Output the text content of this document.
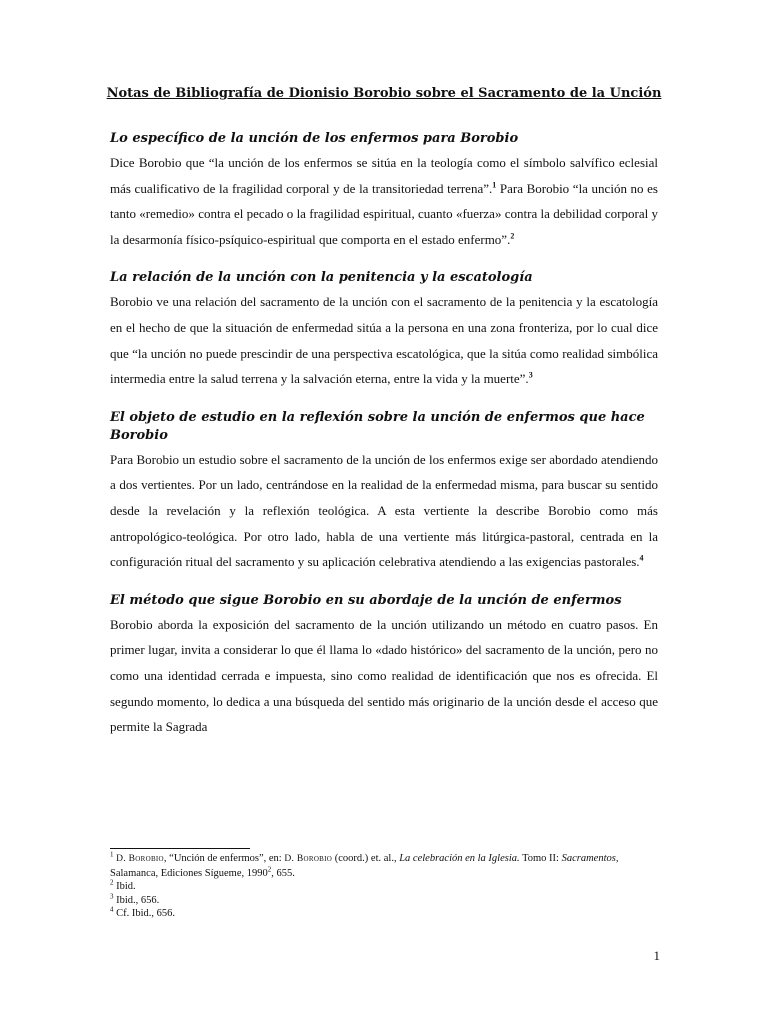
Notas de Bibliografía de Dionisio Borobio sobre el Sacramento de la Unción
Lo específico de la unción de los enfermos para Borobio

Dice Borobio que “la unción de los enfermos se sitúa en la teología como el símbolo salvífico eclesial más cualificativo de la fragilidad corporal y de la transitoriedad terrena”.$^1$ Para Borobio “la unción no es tanto «remedio» contra el pecado o la fragilidad espiritual, cuanto «fuerza» contra la debilidad corporal y la desarmonía físico-psíquico-espiritual que comporta en el estado enfermo”.$^2$

La relación de la unción con la penitencia y la escatología

Borobio ve una relación del sacramento de la unción con el sacramento de la penitencia y la escatología en el hecho de que la situación de enfermedad sitúa a la persona en una zona fronteriza, por lo cual dice que “la unción no puede prescindir de una perspectiva escatológica, que la sitúa como realidad simbólica intermedia entre la salud terrena y la salvación eterna, entre la vida y la muerte”.$^3$

El objeto de estudio en la reflexión sobre la unción de enfermos que hace Borobio

Para Borobio un estudio sobre el sacramento de la unción de los enfermos exige ser abordado atendiendo a dos vertientes. Por un lado, centrándose en la realidad de la enfermedad misma, para buscar su sentido desde la revelación y la reflexión teológica. A esta vertiente la describe Borobio como más antropológico-teológica. Por otro lado, habla de una vertiente más litúrgica-pastoral, centrada en la configuración ritual del sacramento y su aplicación celebrativa atendiendo a las exigencias pastorales.$^4$

El método que sigue Borobio en su abordaje de la unción de enfermos

Borobio aborda la exposición del sacramento de la unción utilizando un método en cuatro pasos. En primer lugar, invita a considerar lo que él llama lo «dado histórico» del sacramento de la unción, pero no como una identidad cerrada e impuesta, sino como realidad de identificación que nos es ofrecida. El segundo momento, lo dedica a una búsqueda del sentido más originario de la unción desde el acceso que permite la Sagrada

$^1$ D. Borobio, “Unción de enfermos”, en: D. Borobio (coord.) et. al., La celebración en la Iglesia. Tomo II: Sacramentos, Salamanca, Ediciones Sígueme, 1990$^2$, 655.
$^2$ Ibid.
$^3$ Ibid., 656.
$^4$ Cf. Ibid., 656.
1
